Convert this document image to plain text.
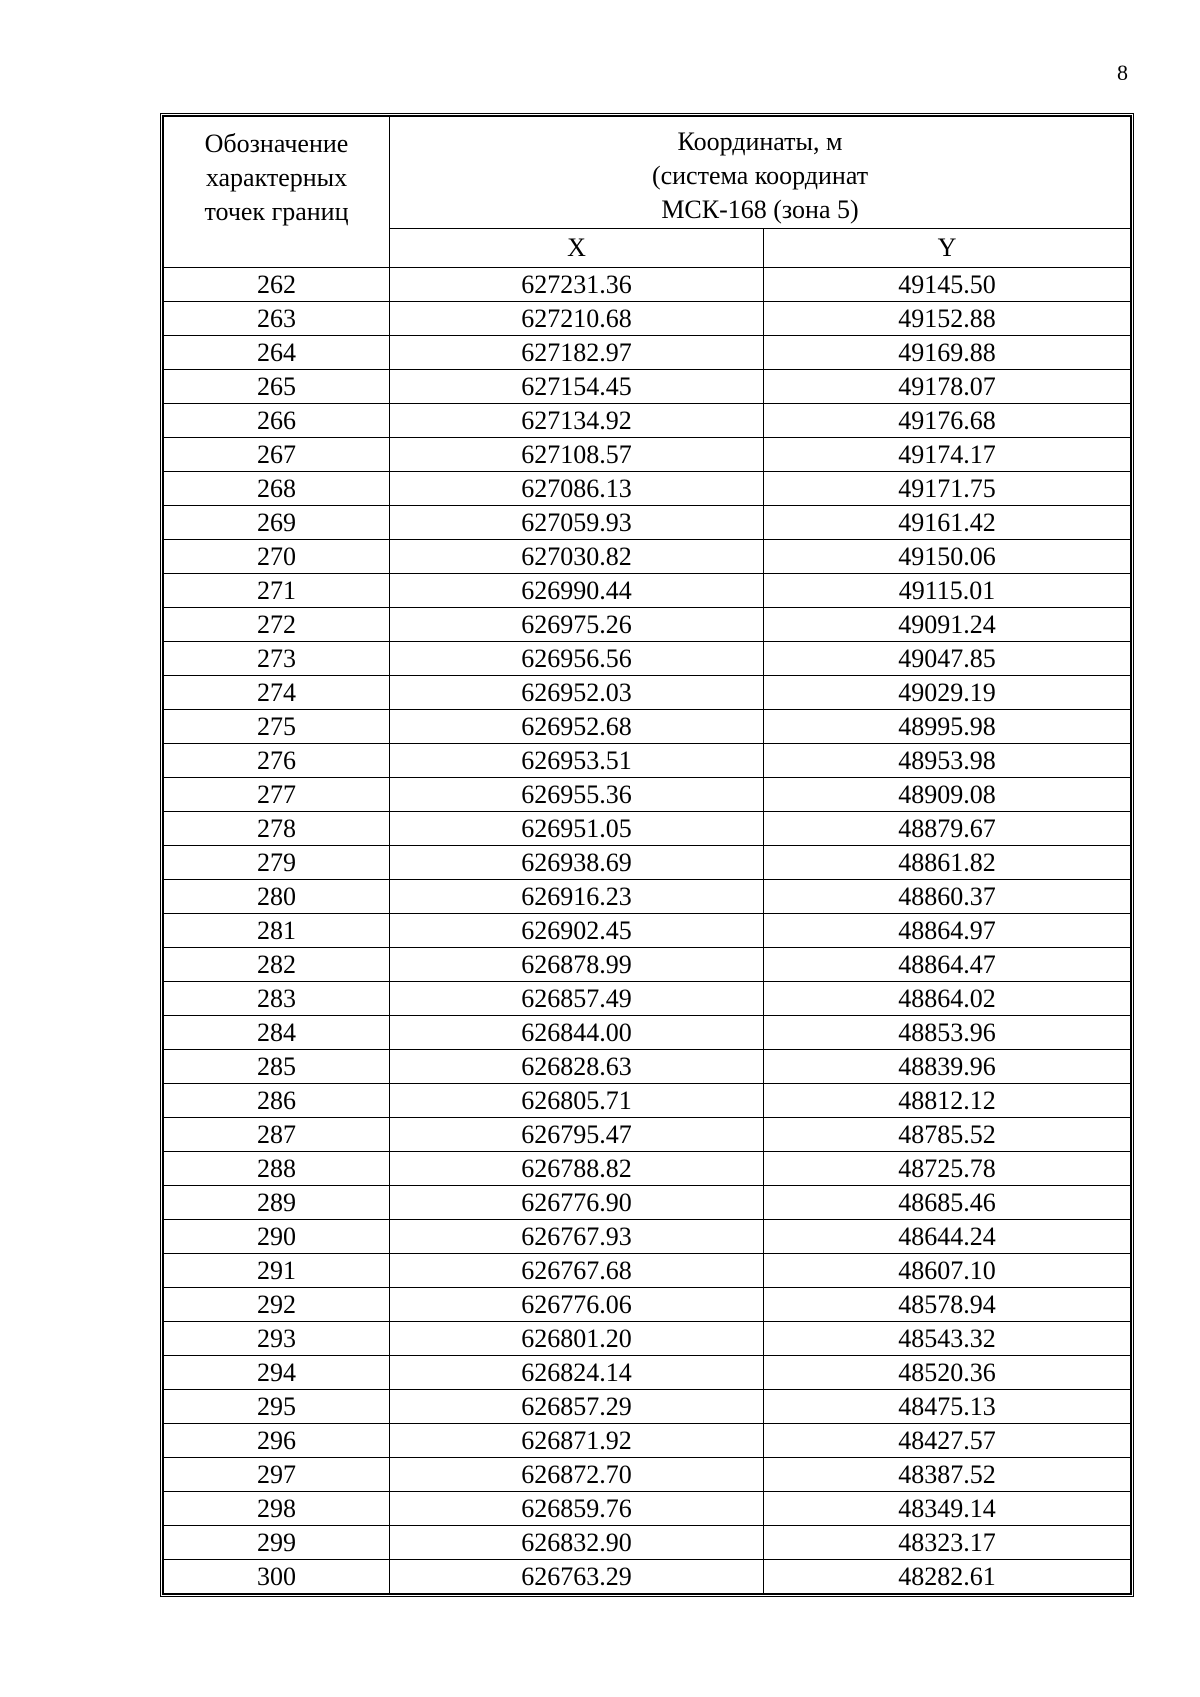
8
Обозначение
характерных
точек границ	Координаты, м
(система координат
МСК-168 (зона 5)	

	X	Y
262	627231.36	49145.50
263	627210.68	49152.88
264	627182.97	49169.88
265	627154.45	49178.07
266	627134.92	49176.68
267	627108.57	49174.17
268	627086.13	49171.75
269	627059.93	49161.42
270	627030.82	49150.06
271	626990.44	49115.01
272	626975.26	49091.24
273	626956.56	49047.85
274	626952.03	49029.19
275	626952.68	48995.98
276	626953.51	48953.98
277	626955.36	48909.08
278	626951.05	48879.67
279	626938.69	48861.82
280	626916.23	48860.37
281	626902.45	48864.97
282	626878.99	48864.47
283	626857.49	48864.02
284	626844.00	48853.96
285	626828.63	48839.96
286	626805.71	48812.12
287	626795.47	48785.52
288	626788.82	48725.78
289	626776.90	48685.46
290	626767.93	48644.24
291	626767.68	48607.10
292	626776.06	48578.94
293	626801.20	48543.32
294	626824.14	48520.36
295	626857.29	48475.13
296	626871.92	48427.57
297	626872.70	48387.52
298	626859.76	48349.14
299	626832.90	48323.17
300	626763.29	48282.61
